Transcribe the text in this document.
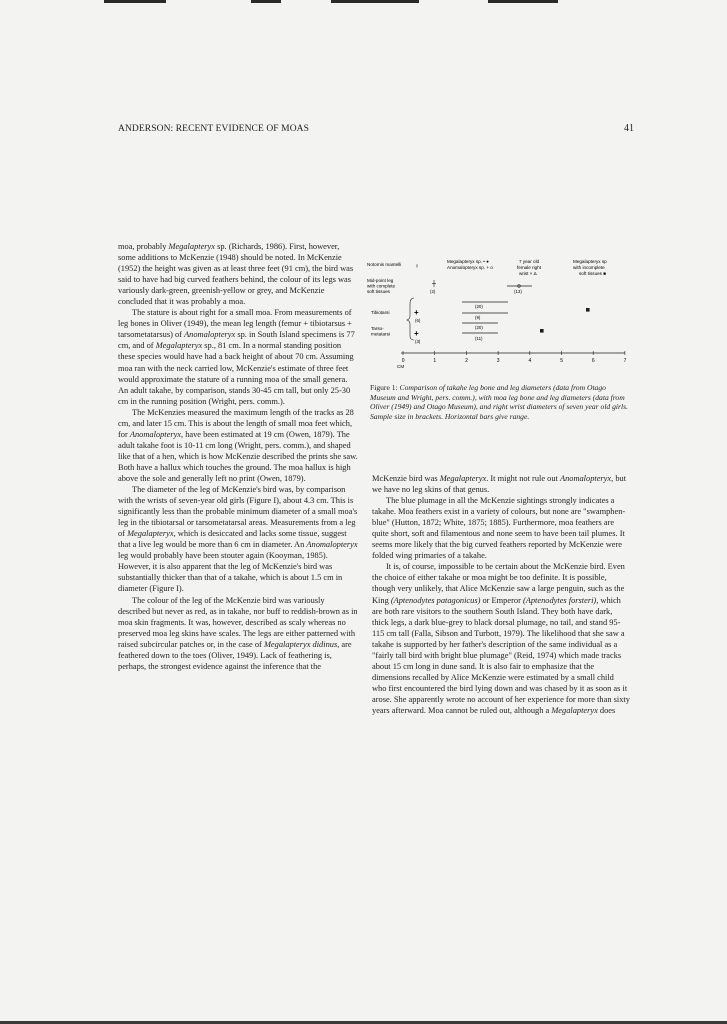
ANDERSON: RECENT EVIDENCE OF MOAS	41

moa, probably Megalapteryx sp. (Richards, 1986). First, however, some additions to McKenzie (1948) should be noted. In McKenzie (1952) the height was given as at least three feet (91 cm), the bird was said to have had big curved feathers behind, the colour of its legs was variously dark-green, greenish-yellow or grey, and McKenzie concluded that it was probably a moa.

The stature is about right for a small moa. From measurements of leg bones in Oliver (1949), the mean leg length (femur + tibiotarsus + tarsometatarsus) of Anomalopteryx sp. in South Island specimens is 77 cm, and of Megalapteryx sp., 81 cm. In a normal standing position these species would have had a back height of about 70 cm. Assuming moa ran with the neck carried low, McKenzie's estimate of three feet would approximate the stature of a running moa of the small genera. An adult takahe, by comparison, stands 30-45 cm tall, but only 25-30 cm in the running position (Wright, pers. comm.).

The McKenzies measured the maximum length of the tracks as 28 cm, and later 15 cm. This is about the length of small moa feet which, for Anomalopteryx, have been estimated at 19 cm (Owen, 1879). The adult takahe foot is 10-11 cm long (Wright, pers. comm.), and shaped like that of a hen, which is how McKenzie described the prints she saw. Both have a hallux which touches the ground. The moa hallux is high above the sole and generally left no print (Owen, 1879).

The diameter of the leg of McKenzie's bird was, by comparison with the wrists of seven-year old girls (Figure I), about 4.3 cm. This is significantly less than the probable minimum diameter of a small moa's leg in the tibiotarsal or tarsometatarsal areas. Measurements from a leg of Megalapteryx, which is desiccated and lacks some tissue, suggest that a live leg would be more than 6 cm in diameter. An Anomalopteryx leg would probably have been stouter again (Kooyman, 1985). However, it is also apparent that the leg of McKenzie's bird was substantially thicker than that of a takahe, which is about 1.5 cm in diameter (Figure I).

The colour of the leg of the McKenzie bird was variously described but never as red, as in takahe, nor buff to reddish-brown as in moa skin fragments. It was, however, described as scaly whereas no preserved moa leg skins have scales. The legs are either patterned with raised subcircular patches or, in the case of Megalapteryx didinus, are feathered down to the toes (Oliver, 1949). Lack of feathering is, perhaps, the strongest evidence against the inference that the

Notornis mantelli
Megalapteryx sp. • ●
Anomalopteryx sp. + o
7 year old
female right
wrist × Δ
Megalapteryx sp
with incomplete
soft tissues ■
Mid-point leg
with complete
soft tissues
Tibiotarsi
Tarso-
metatarsi
(2)
+
(6)
+
(3)
(13)
(20)
(9)
(20)
(11)
0	1	2	3	4	5	6	7
CM
Figure 1: Comparison of takahe leg bone and leg diameters (data from Otago Museum and Wright, pers. comm.), with moa leg bone and leg diameters (data from Oliver (1949) and Otago Museum), and right wrist diameters of seven year old girls. Sample size in brackets. Horizontal bars give range.

McKenzie bird was Megalapteryx. It might not rule out Anomalopteryx, but we have no leg skins of that genus.

The blue plumage in all the McKenzie sightings strongly indicates a takahe. Moa feathers exist in a variety of colours, but none are "swamphen-blue" (Hutton, 1872; White, 1875; 1885). Furthermore, moa feathers are quite short, soft and filamentous and none seem to have been tail plumes. It seems more likely that the big curved feathers reported by McKenzie were folded wing primaries of a takahe.

It is, of course, impossible to be certain about the McKenzie bird. Even the choice of either takahe or moa might be too definite. It is possible, though very unlikely, that Alice McKenzie saw a large penguin, such as the King (Aptenodytes patagonicus) or Emperor (Aptenodytes forsteri), which are both rare visitors to the southern South Island. They both have dark, thick legs, a dark blue-grey to black dorsal plumage, no tail, and stand 95-115 cm tall (Falla, Sibson and Turbott, 1979). The likelihood that she saw a takahe is supported by her father's description of the same individual as a "fairly tall bird with bright blue plumage" (Reid, 1974) which made tracks about 15 cm long in dune sand. It is also fair to emphasize that the dimensions recalled by Alice McKenzie were estimated by a small child who first encountered the bird lying down and was chased by it as soon as it arose. She apparently wrote no account of her experience for more than sixty years afterward. Moa cannot be ruled out, although a Megalapteryx does
